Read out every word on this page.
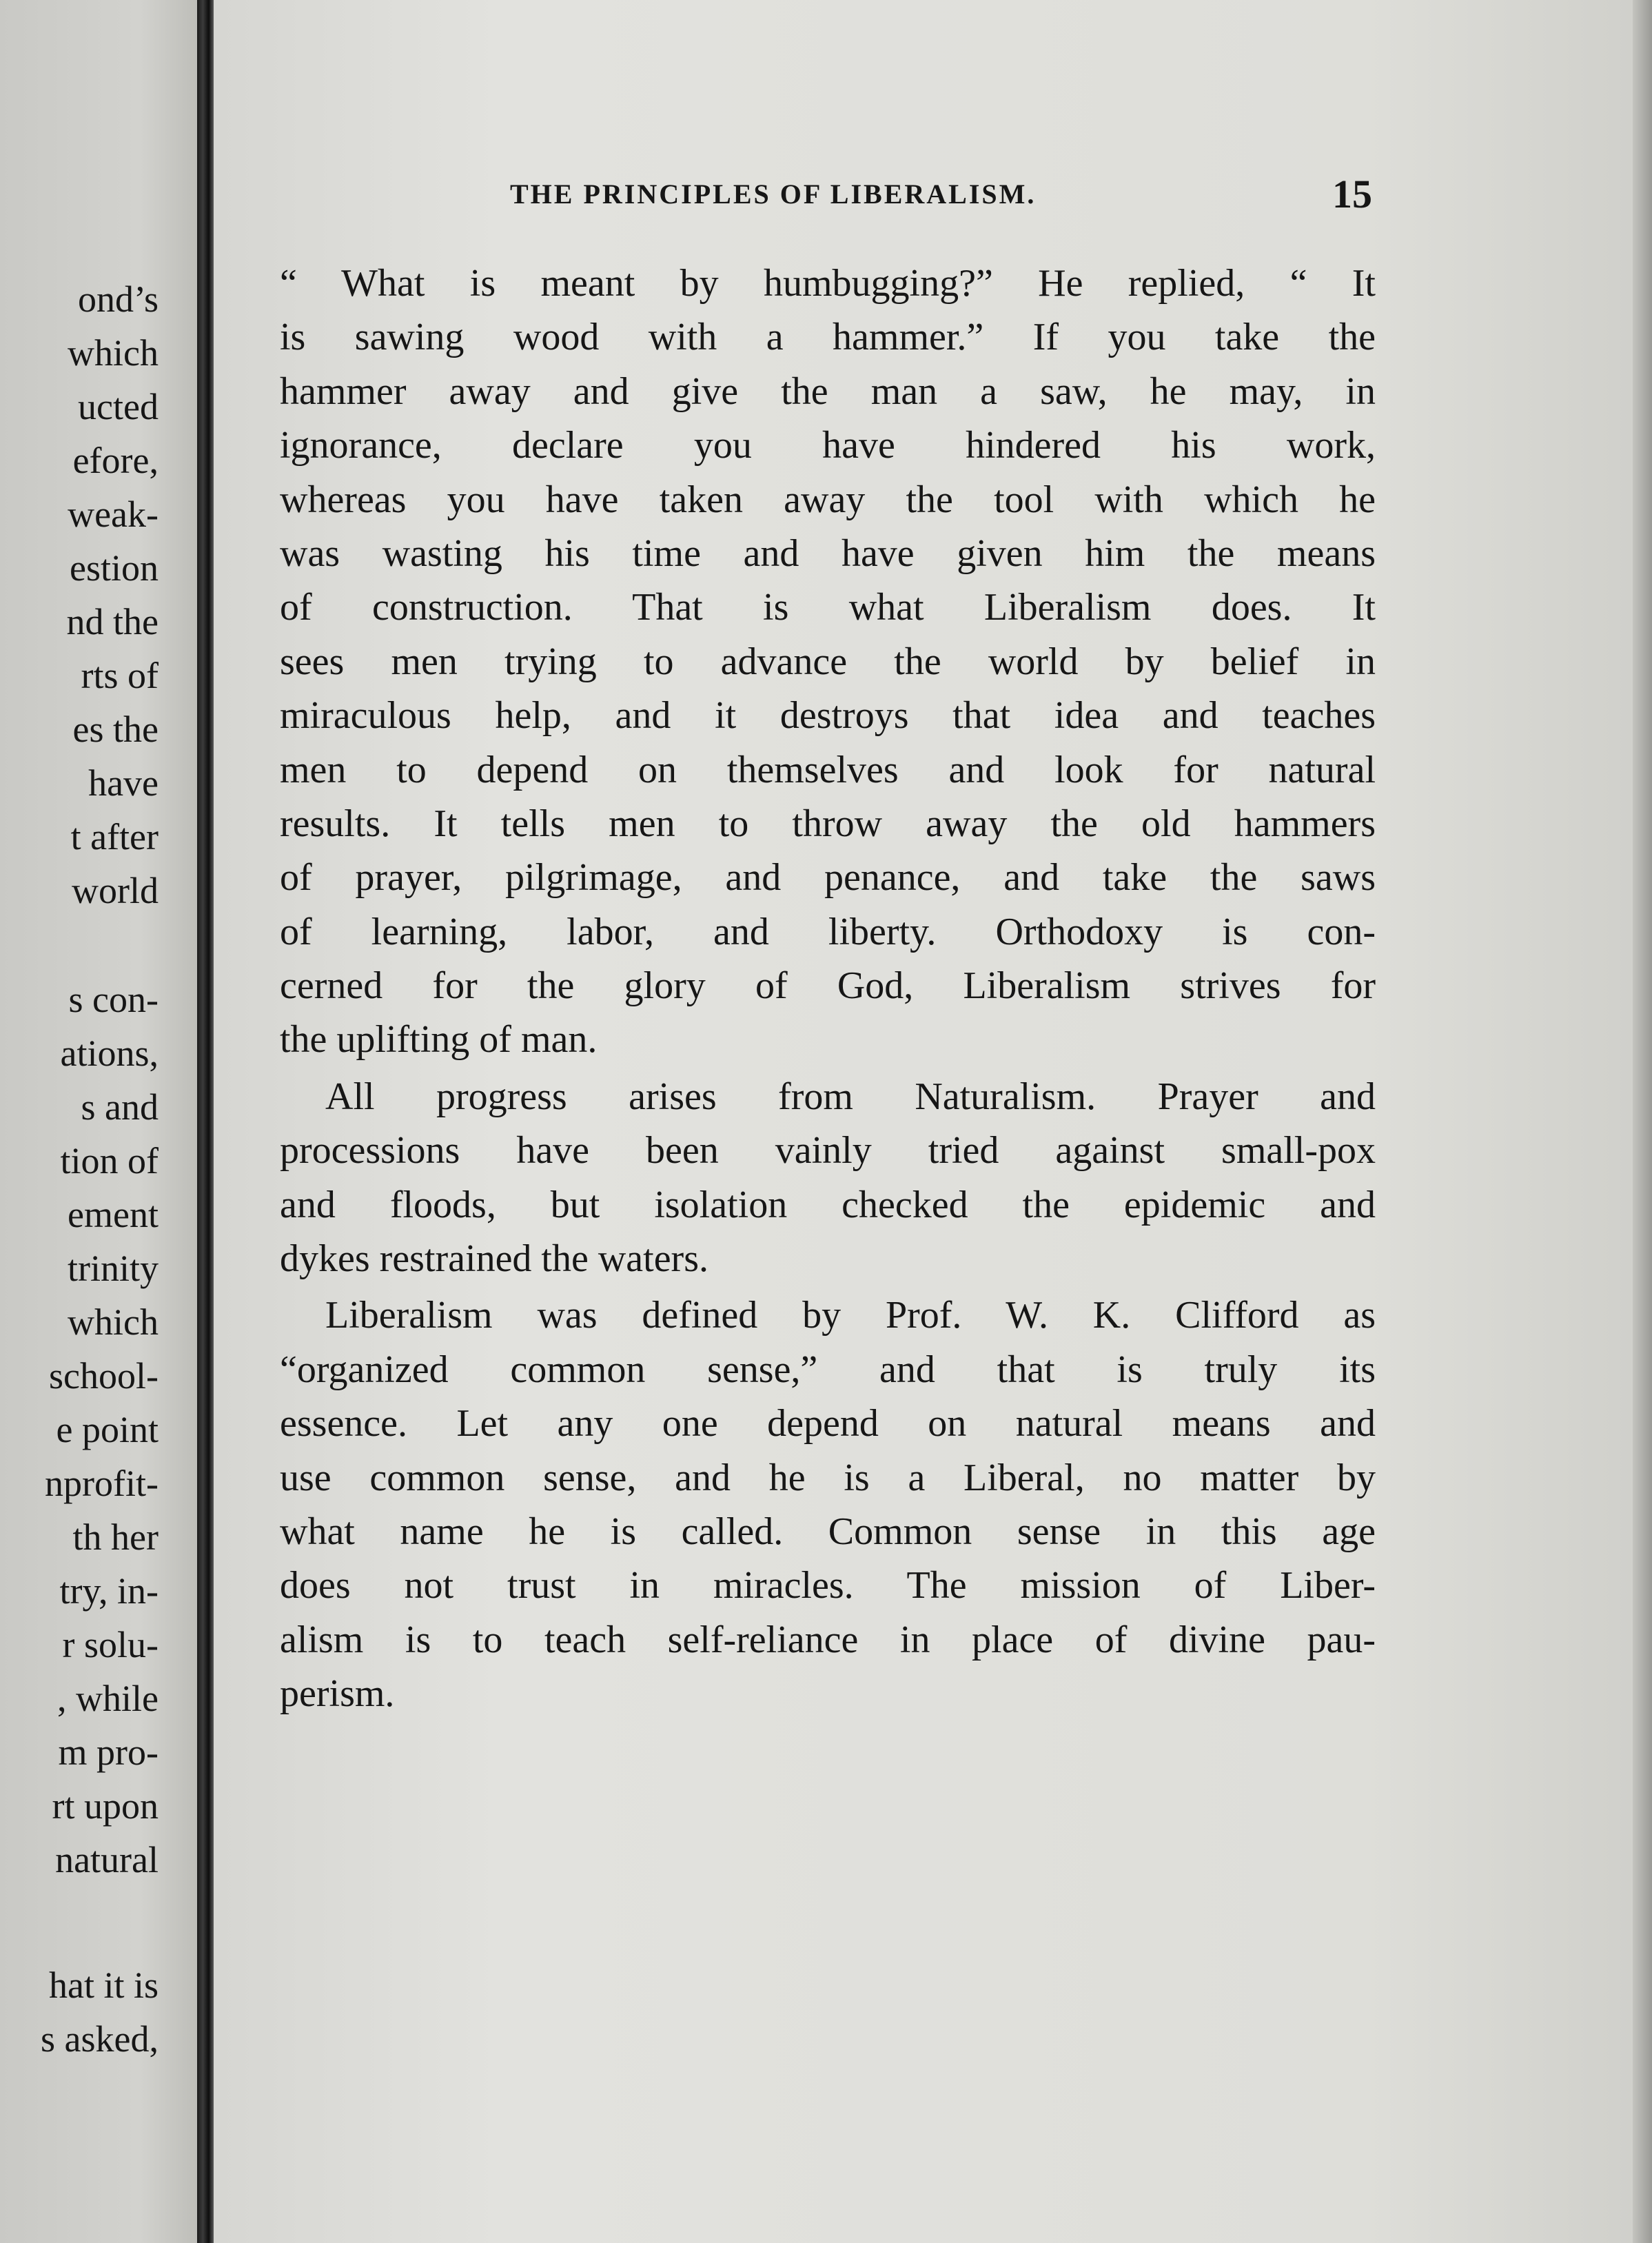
ond’s
which
ucted
efore,
weak-
estion
nd the
rts of
es the
have
t after
world
s con-
ations,
s and
tion of
ement
trinity
which
school-
e point
nprofit-
th her
try, in-
r solu-
, while
m pro-
rt upon
natural
hat it is
s asked,
THE PRINCIPLES OF LIBERALISM.	15
“ What is meant by humbugging?” He replied, “ It
is sawing wood with a hammer.” If you take the
hammer away and give the man a saw, he may, in
ignorance, declare you have hindered his work,
whereas you have taken away the tool with which he
was wasting his time and have given him the means
of construction. That is what Liberalism does. It
sees men trying to advance the world by belief in
miraculous help, and it destroys that idea and teaches
men to depend on themselves and look for natural
results. It tells men to throw away the old hammers
of prayer, pilgrimage, and penance, and take the saws
of learning, labor, and liberty. Orthodoxy is con-
cerned for the glory of God, Liberalism strives for
the uplifting of man.
All progress arises from Naturalism. Prayer and
processions have been vainly tried against small-pox
and floods, but isolation checked the epidemic and
dykes restrained the waters.
Liberalism was defined by Prof. W. K. Clifford as
“organized common sense,” and that is truly its
essence. Let any one depend on natural means and
use common sense, and he is a Liberal, no matter by
what name he is called. Common sense in this age
does not trust in miracles. The mission of Liber-
alism is to teach self-reliance in place of divine pau-
perism.
